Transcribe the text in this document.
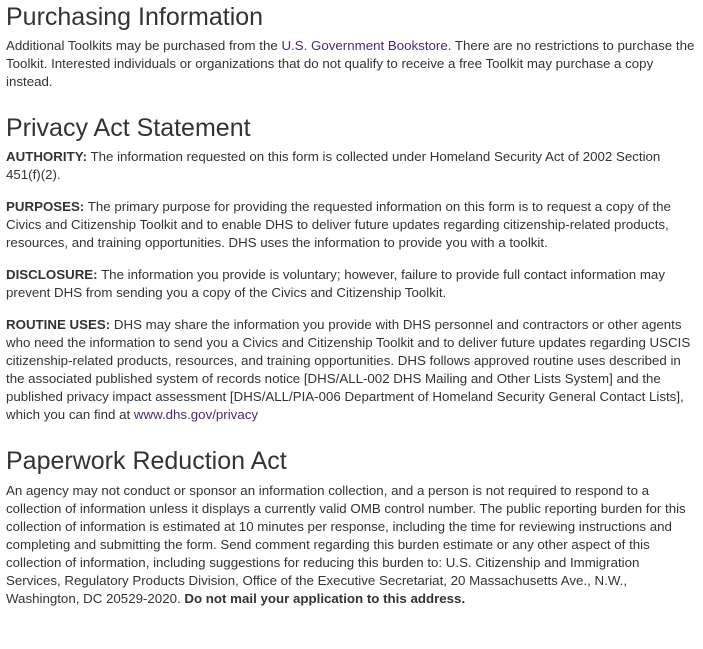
Purchasing Information

Additional Toolkits may be purchased from the U.S. Government Bookstore. There are no restrictions to purchase the Toolkit. Interested individuals or organizations that do not qualify to receive a free Toolkit may purchase a copy instead.

Privacy Act Statement

AUTHORITY: The information requested on this form is collected under Homeland Security Act of 2002 Section 451(f)(2).

PURPOSES: The primary purpose for providing the requested information on this form is to request a copy of the Civics and Citizenship Toolkit and to enable DHS to deliver future updates regarding citizenship-related products, resources, and training opportunities. DHS uses the information to provide you with a toolkit.

DISCLOSURE: The information you provide is voluntary; however, failure to provide full contact information may prevent DHS from sending you a copy of the Civics and Citizenship Toolkit.

ROUTINE USES: DHS may share the information you provide with DHS personnel and contractors or other agents who need the information to send you a Civics and Citizenship Toolkit and to deliver future updates regarding USCIS citizenship-related products, resources, and training opportunities. DHS follows approved routine uses described in the associated published system of records notice [DHS/ALL-002 DHS Mailing and Other Lists System] and the published privacy impact assessment [DHS/ALL/PIA-006 Department of Homeland Security General Contact Lists], which you can find at www.dhs.gov/privacy

Paperwork Reduction Act

An agency may not conduct or sponsor an information collection, and a person is not required to respond to a collection of information unless it displays a currently valid OMB control number. The public reporting burden for this collection of information is estimated at 10 minutes per response, including the time for reviewing instructions and completing and submitting the form. Send comment regarding this burden estimate or any other aspect of this collection of information, including suggestions for reducing this burden to: U.S. Citizenship and Immigration Services, Regulatory Products Division, Office of the Executive Secretariat, 20 Massachusetts Ave., N.W., Washington, DC 20529-2020. Do not mail your application to this address.
